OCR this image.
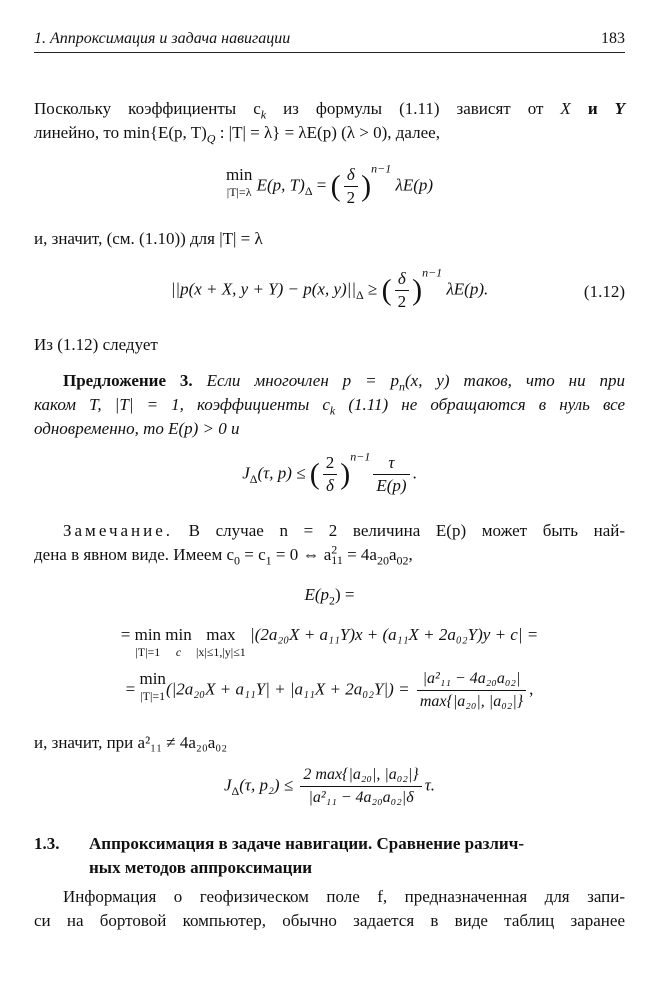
1. Аппроксимация и задача навигации	183
Поскольку коэффициенты $c_k$ из формулы (1.11) зависят от X и Y
линейно, то min{E(p, $T)_Q$ : |T| = λ} = λE(p) (λ > 0), далее,
min
|T|=λ E(p, $T)_\Delta$ = ( $\frac{\delta}{2} )^{n-1}$ λE(p)
и, значит, (см. (1.10)) для |T| = λ
||p(x + X, y + Y) − p(x, $y)||_\Delta$ ≥ ( $\frac{\delta}{2} )^{n-1}$ λE(p).	(1.12)
Из (1.12) следует
Предложение 3. Если многочлен $p = p_n(x$, y) таков, что ни при
каком T, |T| = 1, коэффициенты $c_k$ (1.11) не обращаются в нуль все
одновременно, то E(p) > 0 и
$J_\Delta(\tau$, p) ≤ ( $\frac{2}{\delta} )^{n-1} \frac{\tau}{E(p)}$ .
Замечание. В случае n = 2 величина E(p) может быть най-
дена в явном виде. Имеем $c_0 = c_1 = 0$ ⇔ $a^2_{11} = 4a_{20}a_{02}$,
$E(p_2)$ =
= min
|T|=1
min
c
max
|x|≤1,|y|≤1
|(2a₂₀X + a₁₁Y)x + (a₁₁X + 2a₀₂Y)y + c| =
= min
|T|=1 $(|2a_{20}X + a_{11}Y| + |a_{11}X + 2a_{02}Y|) = \frac{\text{|a²₁₁ − 4a₂₀a₀₂|}}{\text{max\{|a₂₀|, |a₀₂|\}}}$ ,
и, значит, при a²₁₁ ≠ 4a₂₀a₀₂
$J_\Delta(\tau$, $p_2) \le \frac{\text{2 max\{|a₂₀|, |a₀₂|\}}}{\text{|a²₁₁ − 4a₂₀a₀₂|δ}} \tau$.
1.3. Аппроксимация в задаче навигации. Сравнение различ-
ных методов аппроксимации
Информация о геофизическом поле f, предназначенная для запи-
си на бортовой компьютер, обычно задается в виде таблиц заранее
